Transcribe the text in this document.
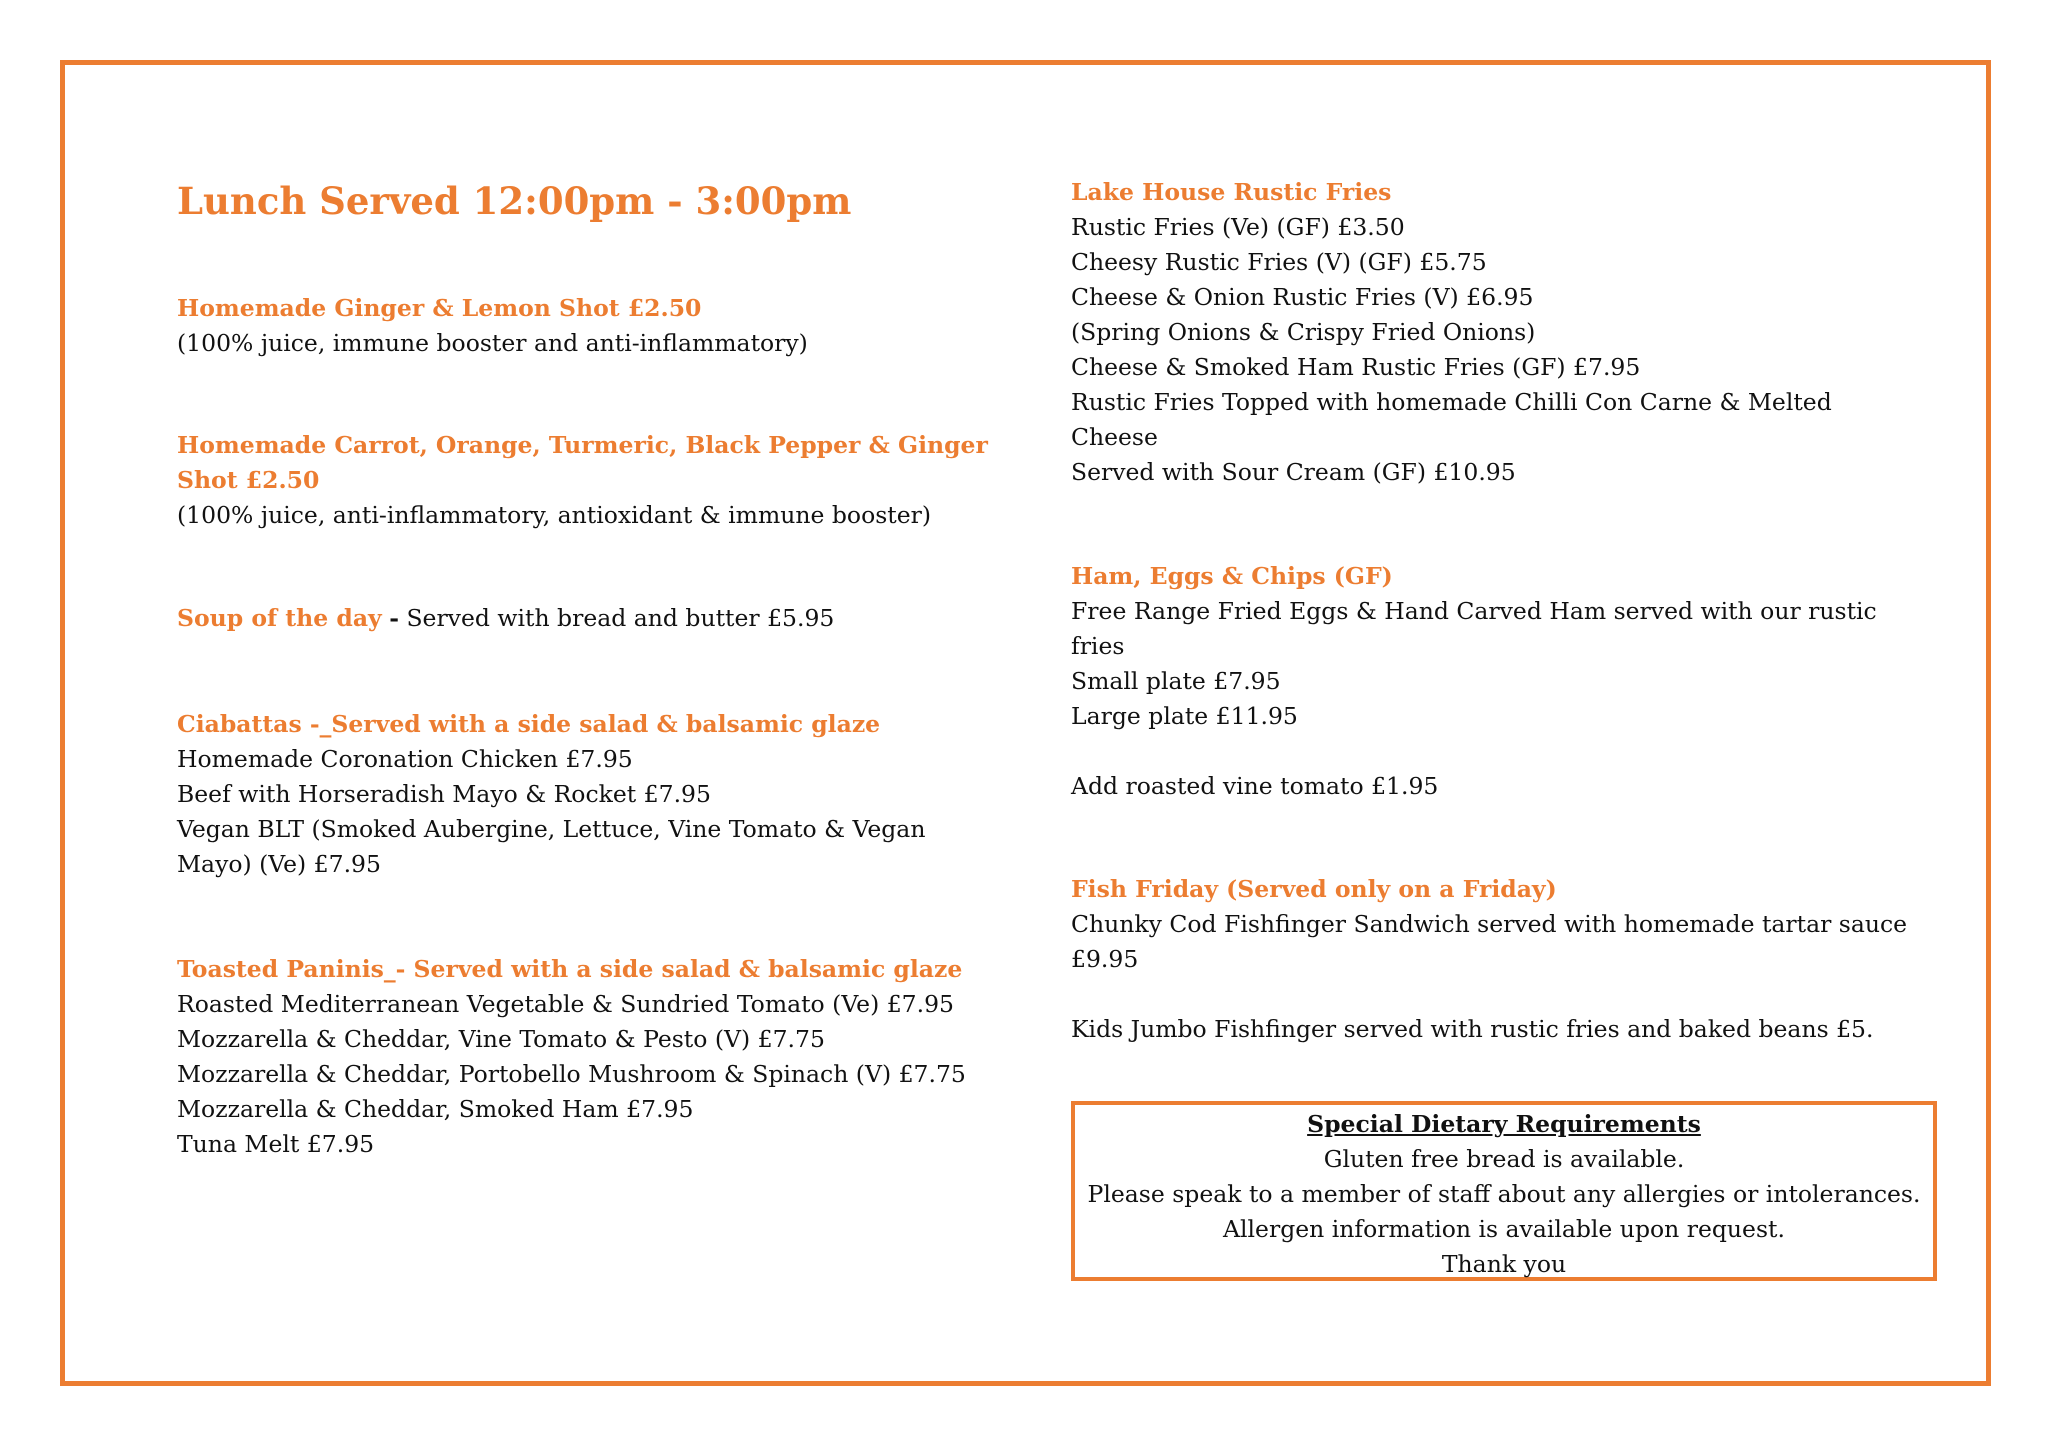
Lunch Served 12:00pm - 3:00pm
Homemade Ginger & Lemon Shot £2.50
(100% juice, immune booster and anti-inflammatory)
Homemade Carrot, Orange, Turmeric, Black Pepper & Ginger
Shot £2.50
(100% juice, anti-inflammatory, antioxidant & immune booster)
Soup of the day - Served with bread and butter £5.95
Ciabattas -_Served with a side salad & balsamic glaze
Homemade Coronation Chicken £7.95
Beef with Horseradish Mayo & Rocket £7.95
Vegan BLT (Smoked Aubergine, Lettuce, Vine Tomato & Vegan
Mayo) (Ve) £7.95
Toasted Paninis_- Served with a side salad & balsamic glaze
Roasted Mediterranean Vegetable & Sundried Tomato (Ve) £7.95
Mozzarella & Cheddar, Vine Tomato & Pesto (V) £7.75
Mozzarella & Cheddar, Portobello Mushroom & Spinach (V) £7.75
Mozzarella & Cheddar, Smoked Ham £7.95
Tuna Melt £7.95
Lake House Rustic Fries
Rustic Fries (Ve) (GF) £3.50
Cheesy Rustic Fries (V) (GF) £5.75
Cheese & Onion Rustic Fries (V) £6.95
(Spring Onions & Crispy Fried Onions)
Cheese & Smoked Ham Rustic Fries (GF) £7.95
Rustic Fries Topped with homemade Chilli Con Carne & Melted
Cheese
Served with Sour Cream (GF) £10.95
Ham, Eggs & Chips (GF)
Free Range Fried Eggs & Hand Carved Ham served with our rustic
fries
Small plate £7.95
Large plate £11.95
Add roasted vine tomato £1.95
Fish Friday (Served only on a Friday)
Chunky Cod Fishfinger Sandwich served with homemade tartar sauce
£9.95
Kids Jumbo Fishfinger served with rustic fries and baked beans £5.
Special Dietary Requirements
Gluten free bread is available.
Please speak to a member of staff about any allergies or intolerances.
Allergen information is available upon request.
Thank you
